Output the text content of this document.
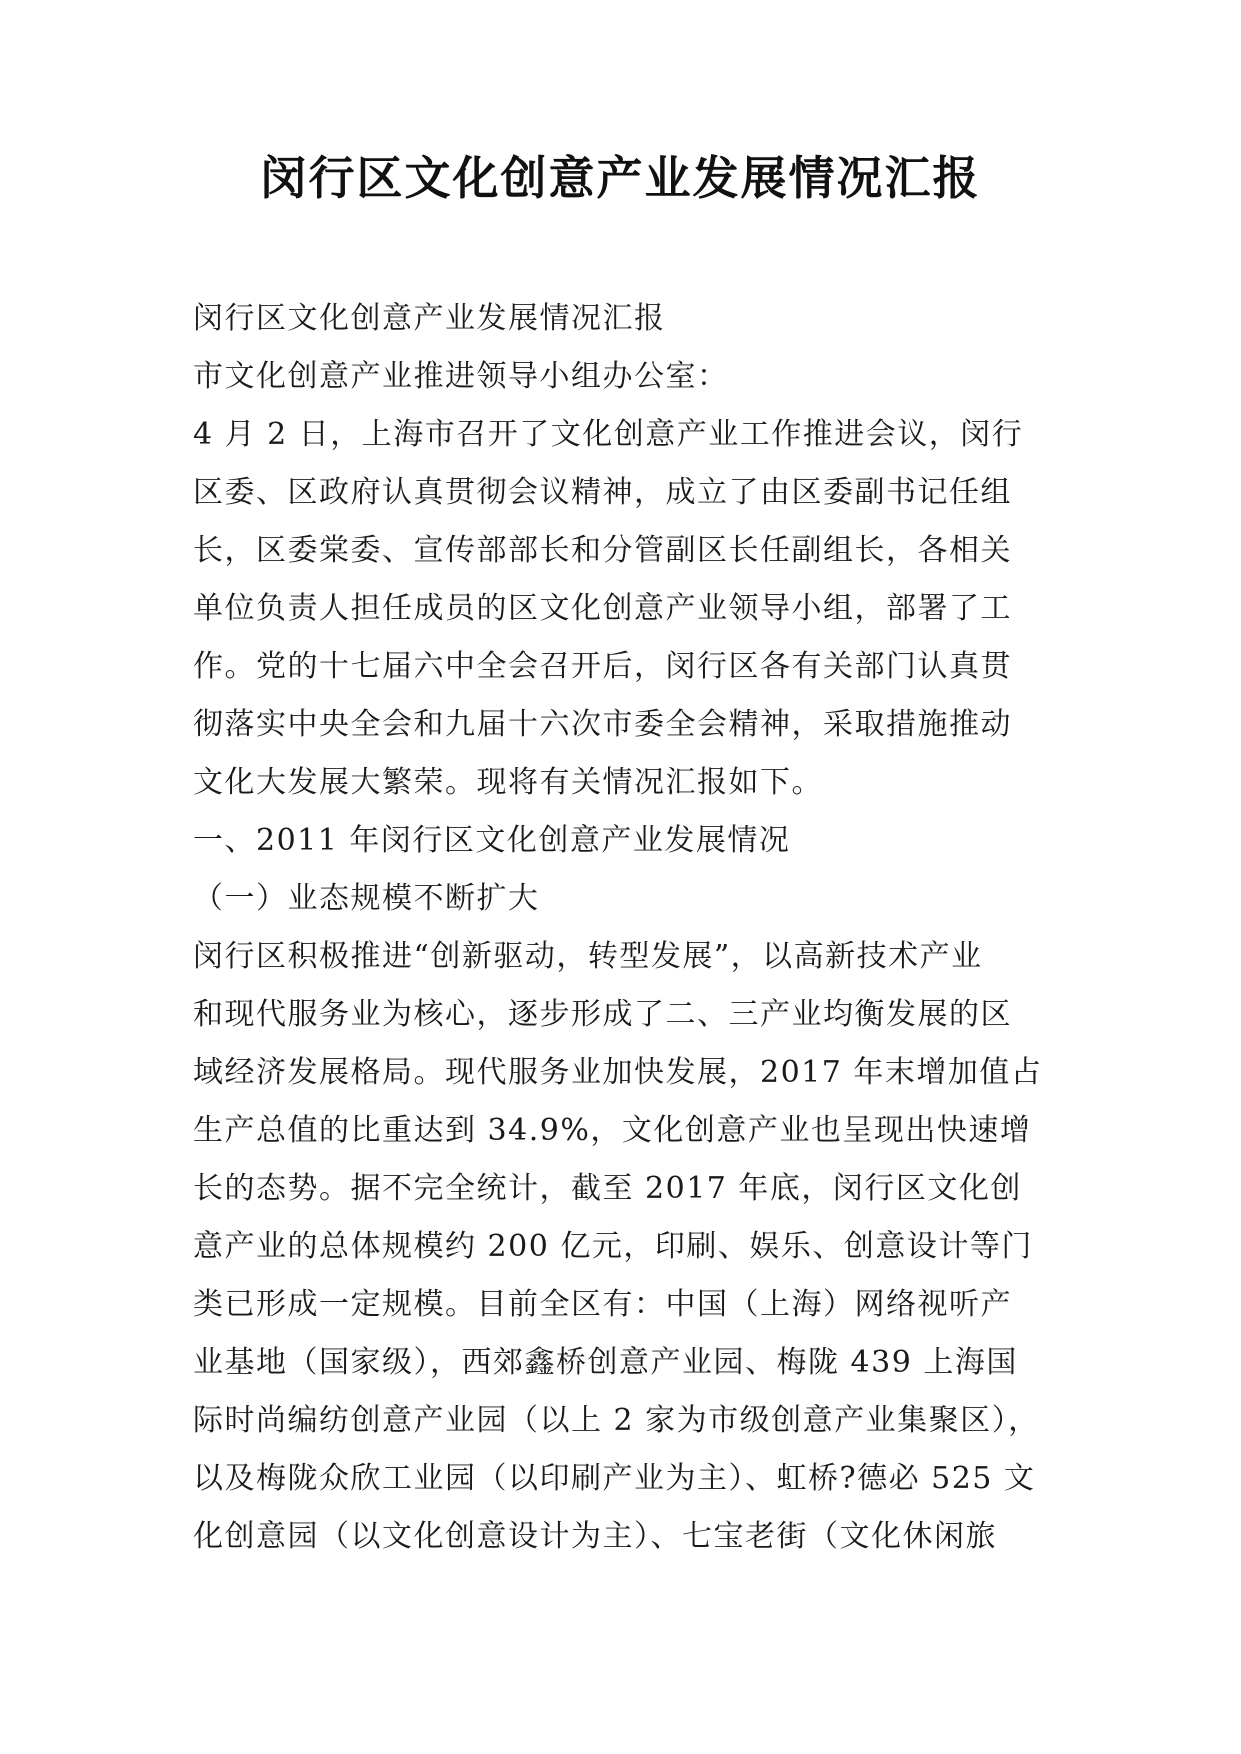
闵行区文化创意产业发展情况汇报
闵行区文化创意产业发展情况汇报
市文化创意产业推进领导小组办公室：
4 月 2 日，上海市召开了文化创意产业工作推进会议，闵行
区委、区政府认真贯彻会议精神，成立了由区委副书记任组
长，区委棠委、宣传部部长和分管副区长任副组长，各相关
单位负责人担任成员的区文化创意产业领导小组，部署了工
作。党的十七届六中全会召开后，闵行区各有关部门认真贯
彻落实中央全会和九届十六次市委全会精神，采取措施推动
文化大发展大繁荣。现将有关情况汇报如下。
一、2011 年闵行区文化创意产业发展情况
（一）业态规模不断扩大
闵行区积极推进“创新驱动，转型发展”，以高新技术产业
和现代服务业为核心，逐步形成了二、三产业均衡发展的区
域经济发展格局。现代服务业加快发展，2017 年末增加值占
生产总值的比重达到 34.9%，文化创意产业也呈现出快速增
长的态势。据不完全统计，截至 2017 年底，闵行区文化创
意产业的总体规模约 200 亿元，印刷、娱乐、创意设计等门
类已形成一定规模。目前全区有：中国（上海）网络视听产
业基地（国家级），西郊鑫桥创意产业园、梅陇 439 上海国
际时尚编纺创意产业园（以上 2 家为市级创意产业集聚区），
以及梅陇众欣工业园（以印刷产业为主）、虹桥?德必 525 文
化创意园（以文化创意设计为主）、七宝老街（文化休闲旅
